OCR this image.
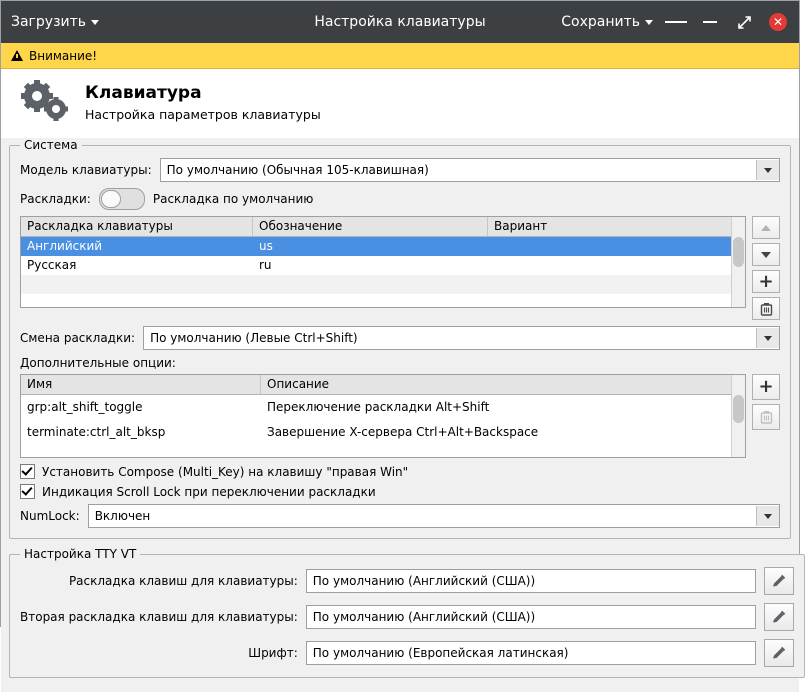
Загрузить	Настройка клавиатуры	Сохранить	✕
Внимание!
Клавиатура
Настройка параметров клавиатуры
Система
Модель клавиатуры:	По умолчанию (Обычная 105-клавишная)
Раскладки:	Раскладка по умолчанию
Раскладка клавиатуры	Обозначение	Вариант
Английский	us
Русская	ru
+
Смена раскладки:	По умолчанию (Левые Ctrl+Shift)
Дополнительные опции:
Имя	Описание
grp:alt_shift_toggle	Переключение раскладки Alt+Shift
terminate:ctrl_alt_bksp	Завершение X-сервера Ctrl+Alt+Backspace
+
Установить Compose (Multi_Key) на клавишу "правая Win"
Индикация Scroll Lock при переключении раскладки
NumLock:	Включен
Настройка TTY VT
Раскладка клавиш для клавиатуры: По умолчанию (Английский (США))
Вторая раскладка клавиш для клавиатуры: По умолчанию (Английский (США))
Шрифт: По умолчанию (Европейская латинская)
